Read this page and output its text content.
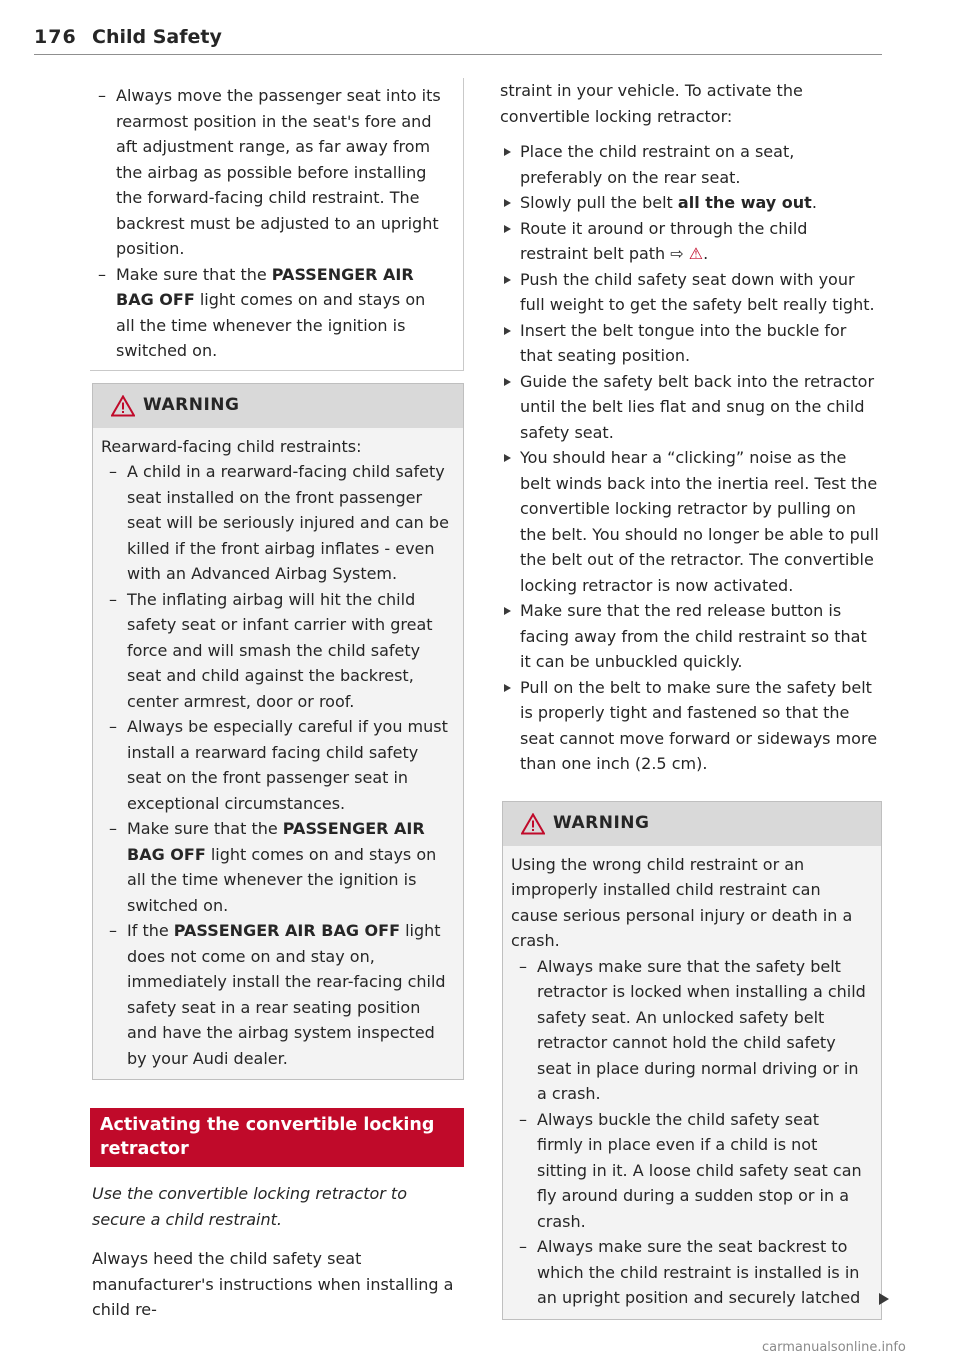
176 Child Safety
– Always move the passenger seat into its rearmost position in the seat's fore and aft adjustment range, as far away from the airbag as possible before installing the forward-facing child restraint. The backrest must be adjusted to an upright position.
– Make sure that the PASSENGER AIR BAG OFF light comes on and stays on all the time whenever the ignition is switched on.
WARNING
Rearward-facing child restraints:
– A child in a rearward-facing child safety seat installed on the front passenger seat will be seriously injured and can be killed if the front airbag inflates - even with an Advanced Airbag System.
– The inflating airbag will hit the child safety seat or infant carrier with great force and will smash the child safety seat and child against the backrest, center armrest, door or roof.
– Always be especially careful if you must install a rearward facing child safety seat on the front passenger seat in exceptional circumstances.
– Make sure that the PASSENGER AIR BAG OFF light comes on and stays on all the time whenever the ignition is switched on.
– If the PASSENGER AIR BAG OFF light does not come on and stay on, immediately install the rear-facing child safety seat in a rear seating position and have the airbag system inspected by your Audi dealer.
Activating the convertible locking retractor
Use the convertible locking retractor to secure a child restraint.
Always heed the child safety seat manufacturer's instructions when installing a child re-
straint in your vehicle. To activate the convertible locking retractor:
Place the child restraint on a seat, preferably on the rear seat.
Slowly pull the belt all the way out.
Route it around or through the child restraint belt path ⇨ ⚠.
Push the child safety seat down with your full weight to get the safety belt really tight.
Insert the belt tongue into the buckle for that seating position.
Guide the safety belt back into the retractor until the belt lies flat and snug on the child safety seat.
You should hear a “clicking” noise as the belt winds back into the inertia reel. Test the convertible locking retractor by pulling on the belt. You should no longer be able to pull the belt out of the retractor. The convertible locking retractor is now activated.
Make sure that the red release button is facing away from the child restraint so that it can be unbuckled quickly.
Pull on the belt to make sure the safety belt is properly tight and fastened so that the seat cannot move forward or sideways more than one inch (2.5 cm).
WARNING
Using the wrong child restraint or an improperly installed child restraint can cause serious personal injury or death in a crash.
– Always make sure that the safety belt retractor is locked when installing a child safety seat. An unlocked safety belt retractor cannot hold the child safety seat in place during normal driving or in a crash.
– Always buckle the child safety seat firmly in place even if a child is not sitting in it. A loose child safety seat can fly around during a sudden stop or in a crash.
– Always make sure the seat backrest to which the child restraint is installed is in an upright position and securely latched
carmanualsonline.info
